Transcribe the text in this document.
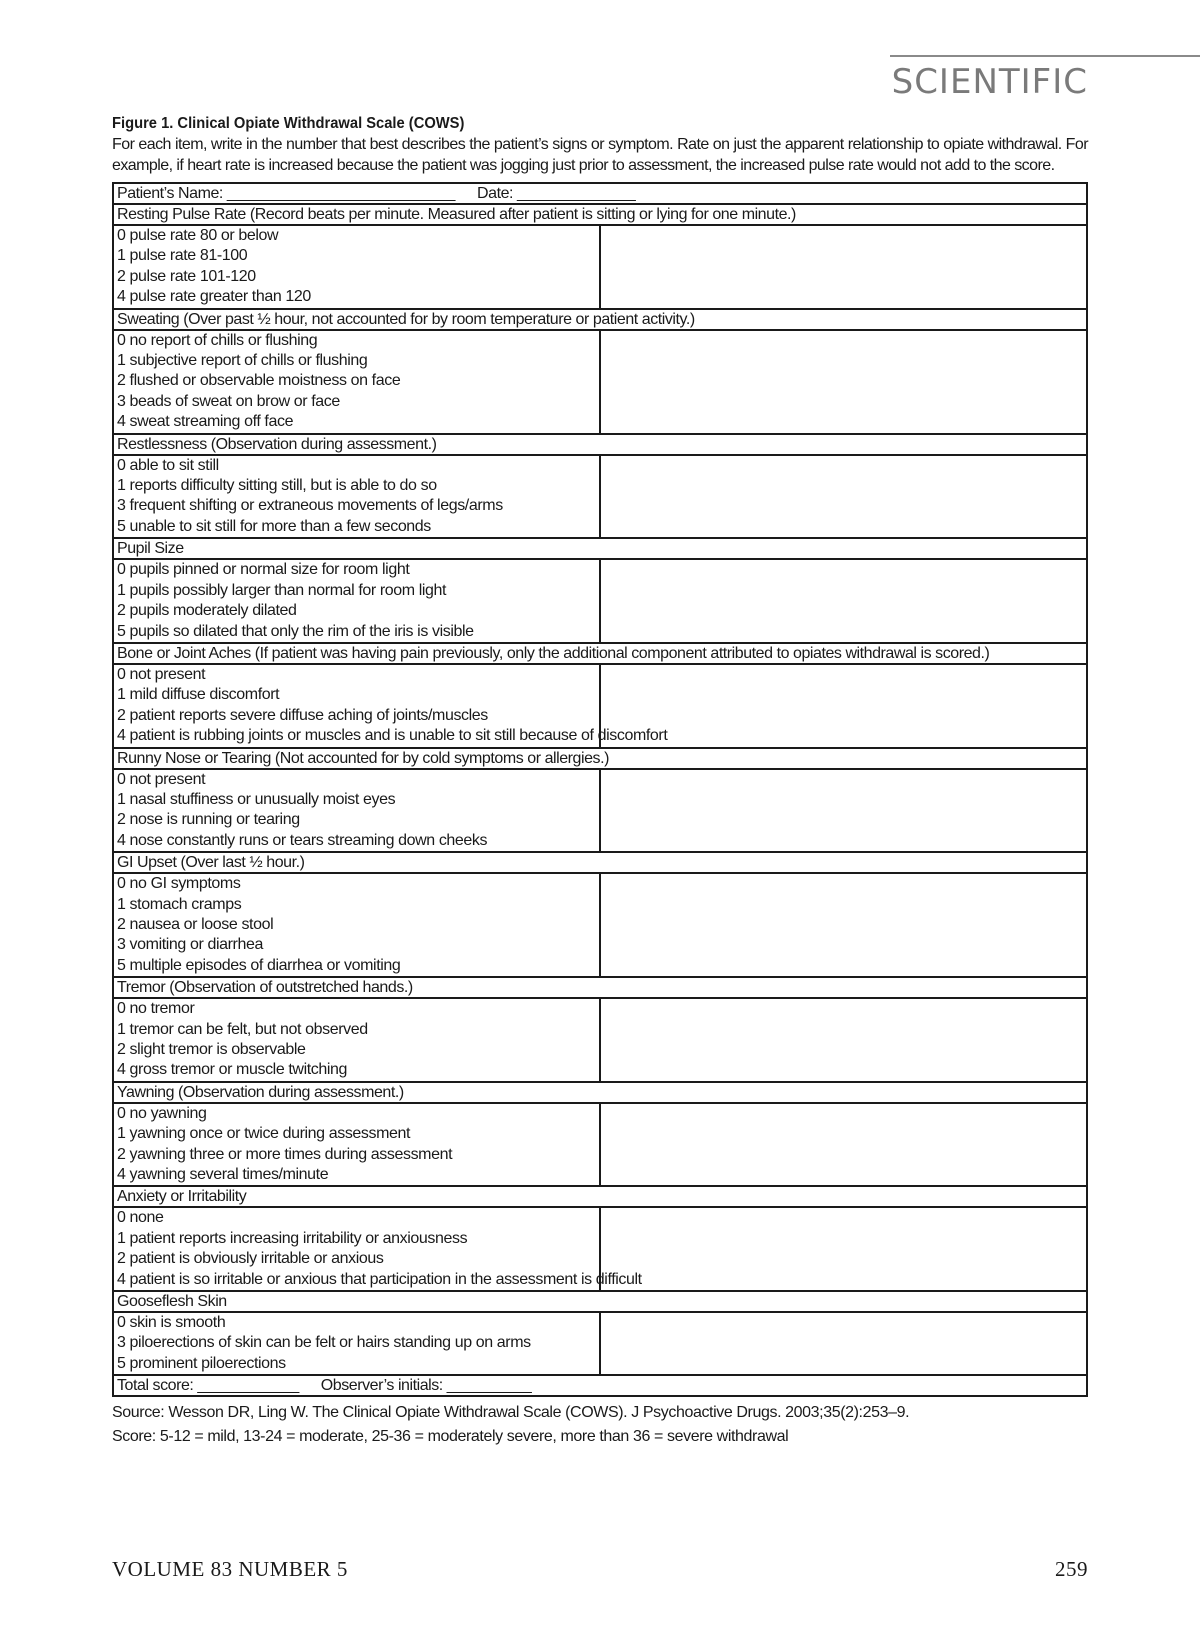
SCIENTIFIC
Figure 1. Clinical Opiate Withdrawal Scale (COWS)
For each item, write in the number that best describes the patient’s signs or symptom. Rate on just the apparent relationship to opiate withdrawal. For example, if heart rate is increased because the patient was jogging just prior to assessment, the increased pulse rate would not add to the score.
Patient’s Name: ___________________________ Date: ______________	
Resting Pulse Rate (Record beats per minute. Measured after patient is sitting or lying for one minute.)	

0 pulse rate 80 or below
1 pulse rate 81-100
2 pulse rate 101-120
4 pulse rate greater than 120	

Sweating (Over past ½ hour, not accounted for by room temperature or patient activity.)	

0 no report of chills or flushing
1 subjective report of chills or flushing
2 flushed or observable moistness on face
3 beads of sweat on brow or face
4 sweat streaming off face	

Restlessness (Observation during assessment.)	

0 able to sit still
1 reports difficulty sitting still, but is able to do so
3 frequent shifting or extraneous movements of legs/arms
5 unable to sit still for more than a few seconds	

Pupil Size	

0 pupils pinned or normal size for room light
1 pupils possibly larger than normal for room light
2 pupils moderately dilated
5 pupils so dilated that only the rim of the iris is visible	

Bone or Joint Aches (If patient was having pain previously, only the additional component attributed to opiates withdrawal is scored.)	

0 not present
1 mild diffuse discomfort
2 patient reports severe diffuse aching of joints/muscles
4 patient is rubbing joints or muscles and is unable to sit still because of discomfort	

Runny Nose or Tearing (Not accounted for by cold symptoms or allergies.)	

0 not present
1 nasal stuffiness or unusually moist eyes
2 nose is running or tearing
4 nose constantly runs or tears streaming down cheeks	

GI Upset (Over last ½ hour.)	

0 no GI symptoms
1 stomach cramps
2 nausea or loose stool
3 vomiting or diarrhea
5 multiple episodes of diarrhea or vomiting	

Tremor (Observation of outstretched hands.)	

0 no tremor
1 tremor can be felt, but not observed
2 slight tremor is observable
4 gross tremor or muscle twitching	

Yawning (Observation during assessment.)	

0 no yawning
1 yawning once or twice during assessment
2 yawning three or more times during assessment
4 yawning several times/minute	

Anxiety or Irritability	

0 none
1 patient reports increasing irritability or anxiousness
2 patient is obviously irritable or anxious
4 patient is so irritable or anxious that participation in the assessment is difficult	

Gooseflesh Skin	

0 skin is smooth
3 piloerections of skin can be felt or hairs standing up on arms
5 prominent piloerections	

Total score: ____________ Observer’s initials: __________	
Source: Wesson DR, Ling W. The Clinical Opiate Withdrawal Scale (COWS). J Psychoactive Drugs. 2003;35(2):253–9.
Score: 5-12 = mild, 13-24 = moderate, 25-36 = moderately severe, more than 36 = severe withdrawal
VOLUME 83 NUMBER 5	259
